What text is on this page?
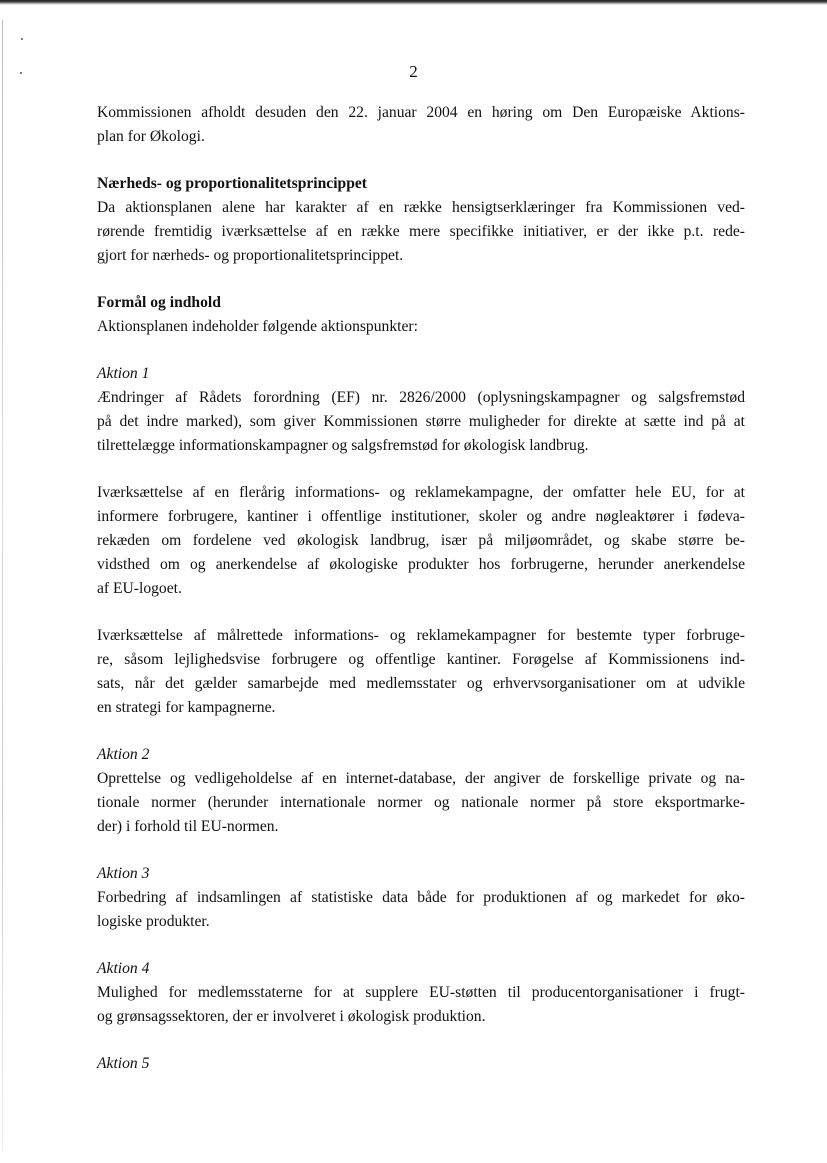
2
Kommissionen afholdt desuden den 22. januar 2004 en høring om Den Europæiske Aktions-
plan for Økologi.
Nærheds- og proportionalitetsprincippet
Da aktionsplanen alene har karakter af en række hensigtserklæringer fra Kommissionen ved-
rørende fremtidig iværksættelse af en række mere specifikke initiativer, er der ikke p.t. rede-
gjort for nærheds- og proportionalitetsprincippet.
Formål og indhold
Aktionsplanen indeholder følgende aktionspunkter:
Aktion 1
Ændringer af Rådets forordning (EF) nr. 2826/2000 (oplysningskampagner og salgsfremstød
på det indre marked), som giver Kommissionen større muligheder for direkte at sætte ind på at
tilrettelægge informationskampagner og salgsfremstød for økologisk landbrug.
Iværksættelse af en flerårig informations- og reklamekampagne, der omfatter hele EU, for at
informere forbrugere, kantiner i offentlige institutioner, skoler og andre nøgleaktører i fødeva-
rekæden om fordelene ved økologisk landbrug, især på miljøområdet, og skabe større be-
vidsthed om og anerkendelse af økologiske produkter hos forbrugerne, herunder anerkendelse
af EU-logoet.
Iværksættelse af målrettede informations- og reklamekampagner for bestemte typer forbruge-
re, såsom lejlighedsvise forbrugere og offentlige kantiner. Forøgelse af Kommissionens ind-
sats, når det gælder samarbejde med medlemsstater og erhvervsorganisationer om at udvikle
en strategi for kampagnerne.
Aktion 2
Oprettelse og vedligeholdelse af en internet-database, der angiver de forskellige private og na-
tionale normer (herunder internationale normer og nationale normer på store eksportmarke-
der) i forhold til EU-normen.
Aktion 3
Forbedring af indsamlingen af statistiske data både for produktionen af og markedet for øko-
logiske produkter.
Aktion 4
Mulighed for medlemsstaterne for at supplere EU-støtten til producentorganisationer i frugt-
og grønsagssektoren, der er involveret i økologisk produktion.
Aktion 5
